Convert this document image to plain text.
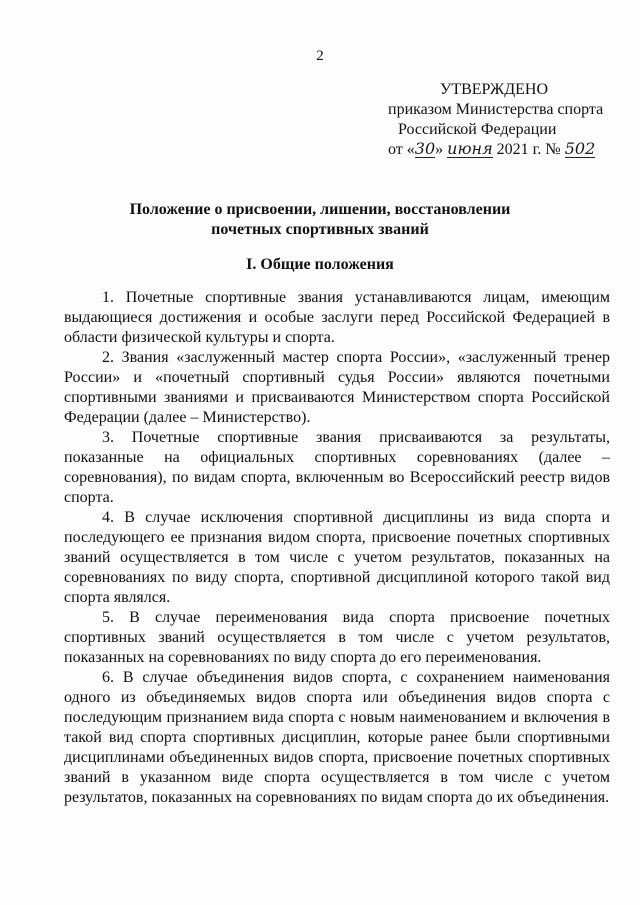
2
УТВЕРЖДЕНО
приказом Министерства спорта
Российской Федерации
от «30» июня 2021 г. № 502
Положение о присвоении, лишении, восстановлении
почетных спортивных званий
I. Общие положения

1. Почетные спортивные звания устанавливаются лицам, имеющим выдающиеся достижения и особые заслуги перед Российской Федерацией в области физической культуры и спорта.

2. Звания «заслуженный мастер спорта России», «заслуженный тренер России» и «почетный спортивный судья России» являются почетными спортивными званиями и присваиваются Министерством спорта Российской Федерации (далее – Министерство).

3. Почетные спортивные звания присваиваются за результаты, показанные на официальных спортивных соревнованиях (далее – соревнования), по видам спорта, включенным во Всероссийский реестр видов спорта.

4. В случае исключения спортивной дисциплины из вида спорта и последующего ее признания видом спорта, присвоение почетных спортивных званий осуществляется в том числе с учетом результатов, показанных на соревнованиях по виду спорта, спортивной дисциплиной которого такой вид спорта являлся.

5. В случае переименования вида спорта присвоение почетных спортивных званий осуществляется в том числе с учетом результатов, показанных на соревнованиях по виду спорта до его переименования.

6. В случае объединения видов спорта, с сохранением наименования одного из объединяемых видов спорта или объединения видов спорта с последующим признанием вида спорта с новым наименованием и включения в такой вид спорта спортивных дисциплин, которые ранее были спортивными дисциплинами объединенных видов спорта, присвоение почетных спортивных званий в указанном виде спорта осуществляется в том числе с учетом результатов, показанных на соревнованиях по видам спорта до их объединения.
